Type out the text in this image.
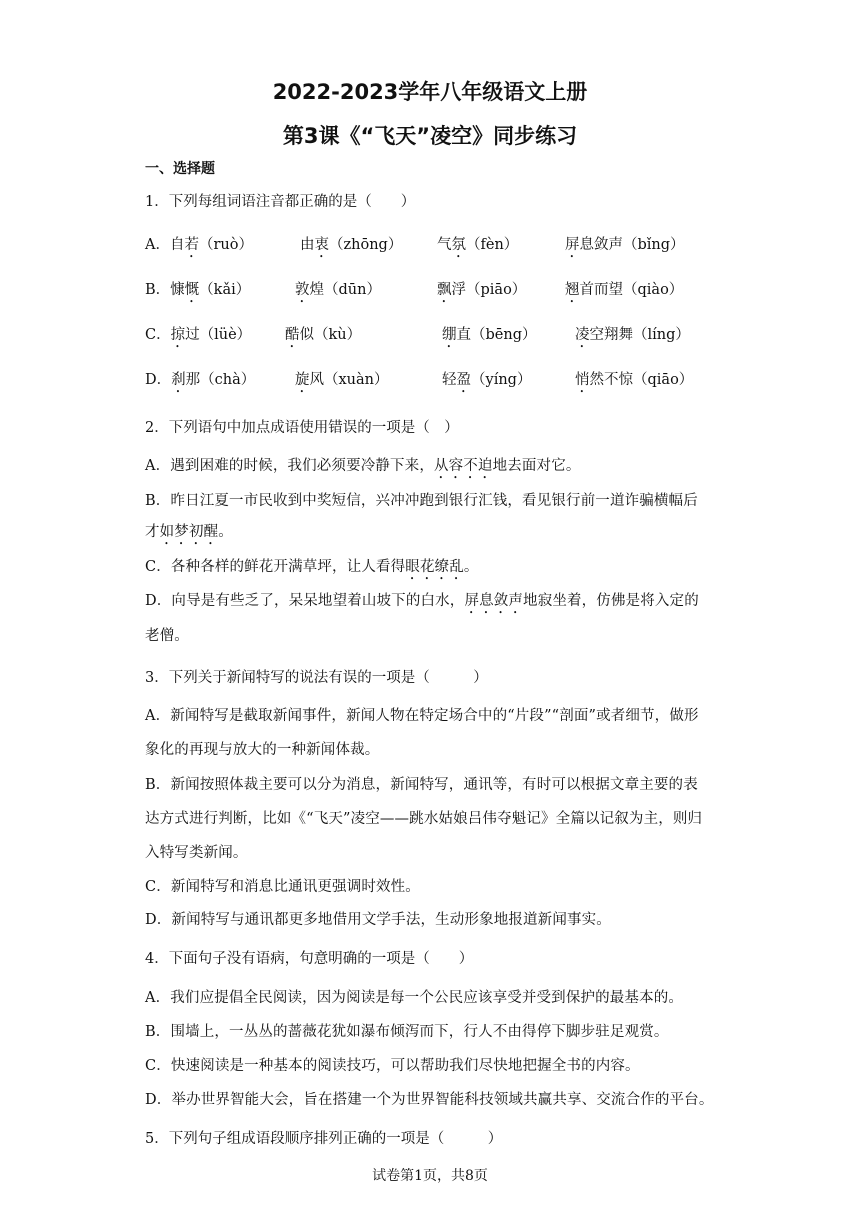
2022-2023学年八年级语文上册
第3课《“飞天”凌空》同步练习
一、选择题
1．下列每组词语注音都正确的是（　　）
A．自若（ruò）	由衷（zhōng） 气氛（fèn）	屏息敛声（bǐng）
B．慷慨（kǎi）	敦煌（dūn）	飘浮（piāo）	翘首而望（qiào）
C．掠过（lüè） 酷似（kù）	绷直（bēng）	凌空翔舞（líng）
D．刹那（chà）	旋风（xuàn）	轻盈（yíng）	悄然不惊（qiāo）
2．下列语句中加点成语使用错误的一项是（　）
A．遇到困难的时候，我们必须要冷静下来，从容不迫地去面对它。
B．昨日江夏一市民收到中奖短信，兴冲冲跑到银行汇钱，看见银行前一道诈骗横幅后
才如梦初醒。
C．各种各样的鲜花开满草坪，让人看得眼花缭乱。
D．向导是有些乏了，呆呆地望着山坡下的白水，屏息敛声地寂坐着，仿佛是将入定的
老僧。
3．下列关于新闻特写的说法有误的一项是（　　　）
A．新闻特写是截取新闻事件，新闻人物在特定场合中的“片段”“剖面”或者细节，做形
象化的再现与放大的一种新闻体裁。
B．新闻按照体裁主要可以分为消息，新闻特写，通讯等，有时可以根据文章主要的表
达方式进行判断，比如《“飞天”凌空——跳水姑娘吕伟夺魁记》全篇以记叙为主，则归
入特写类新闻。
C．新闻特写和消息比通讯更强调时效性。
D．新闻特写与通讯都更多地借用文学手法，生动形象地报道新闻事实。
4．下面句子没有语病，句意明确的一项是（　　）
A．我们应提倡全民阅读，因为阅读是每一个公民应该享受并受到保护的最基本的。
B．围墙上，一丛丛的蔷薇花犹如瀑布倾泻而下，行人不由得停下脚步驻足观赏。
C．快速阅读是一种基本的阅读技巧，可以帮助我们尽快地把握全书的内容。
D．举办世界智能大会，旨在搭建一个为世界智能科技领域共赢共享、交流合作的平台。
5．下列句子组成语段顺序排列正确的一项是（　　　）
试卷第1页，共8页
